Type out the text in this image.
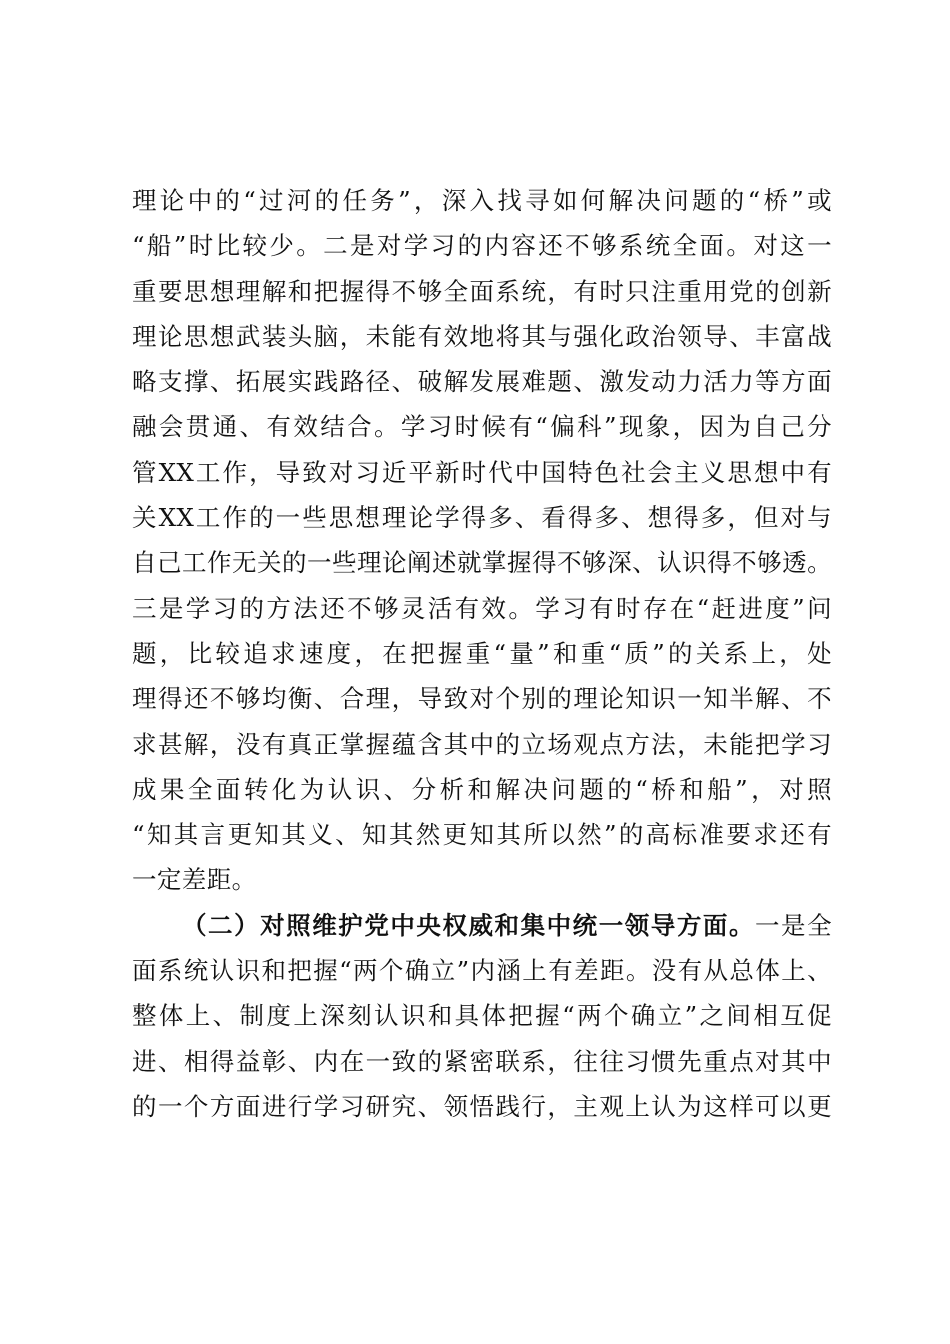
理论中的“过河的任务”，深入找寻如何解决问题的“桥”或
“船”时比较少。二是对学习的内容还不够系统全面。对这一
重要思想理解和把握得不够全面系统，有时只注重用党的创新
理论思想武装头脑，未能有效地将其与强化政治领导、丰富战
略支撑、拓展实践路径、破解发展难题、激发动力活力等方面
融会贯通、有效结合。学习时候有“偏科”现象，因为自己分
管XX工作，导致对习近平新时代中国特色社会主义思想中有
关XX工作的一些思想理论学得多、看得多、想得多，但对与
自己工作无关的一些理论阐述就掌握得不够深、认识得不够透。
三是学习的方法还不够灵活有效。学习有时存在“赶进度”问
题，比较追求速度，在把握重“量”和重“质”的关系上，处
理得还不够均衡、合理，导致对个别的理论知识一知半解、不
求甚解，没有真正掌握蕴含其中的立场观点方法，未能把学习
成果全面转化为认识、分析和解决问题的“桥和船”，对照
“知其言更知其义、知其然更知其所以然”的高标准要求还有
一定差距。
（二）对照维护党中央权威和集中统一领导方面。一是全
面系统认识和把握“两个确立”内涵上有差距。没有从总体上、
整体上、制度上深刻认识和具体把握“两个确立”之间相互促
进、相得益彰、内在一致的紧密联系，往往习惯先重点对其中
的一个方面进行学习研究、领悟践行，主观上认为这样可以更
